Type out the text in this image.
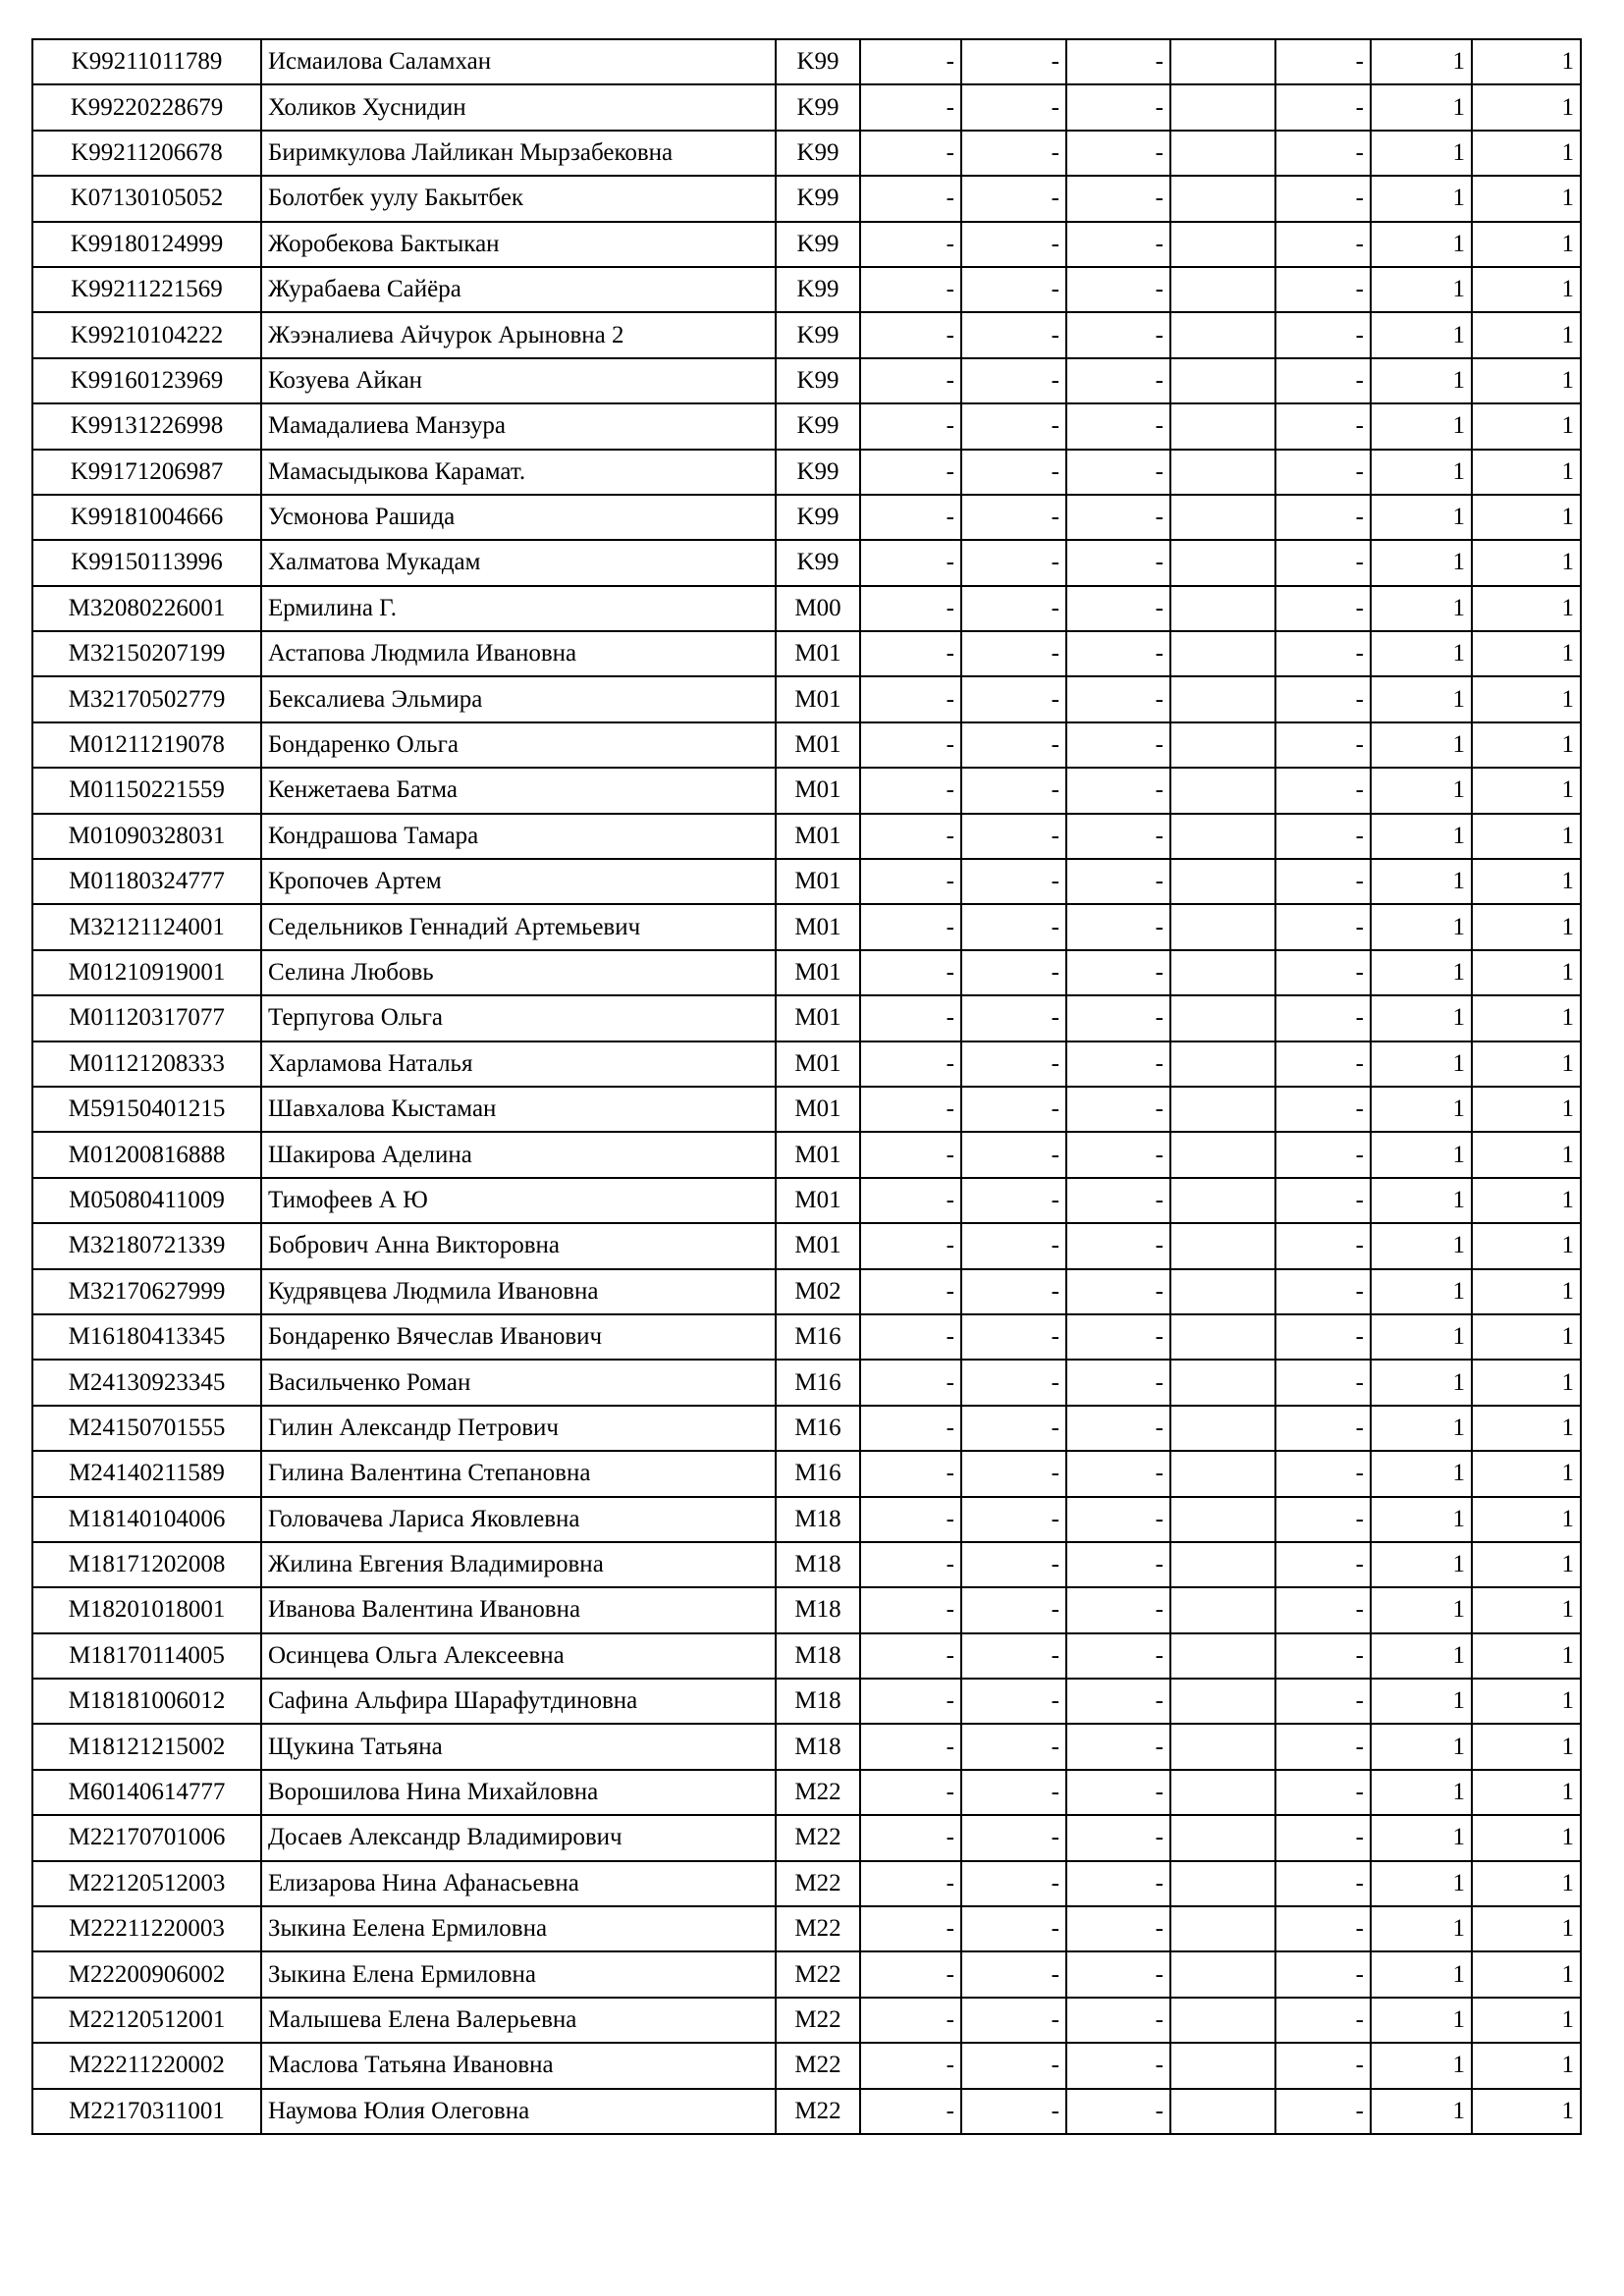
K99211011789	Исмаилова Саламхан	K99	-	-	-		-	1	1
K99220228679	Холиков Хуснидин	K99	-	-	-		-	1	1
K99211206678	Биримкулова Лайликан Мырзабековна	K99	-	-	-		-	1	1
K07130105052	Болотбек уулу Бакытбек	K99	-	-	-		-	1	1
K99180124999	Жоробекова Бактыкан	K99	-	-	-		-	1	1
K99211221569	Журабаева Сайёра	K99	-	-	-		-	1	1
K99210104222	Жээналиева Айчурок Арыновна 2	K99	-	-	-		-	1	1
K99160123969	Козуева Айкан	K99	-	-	-		-	1	1
K99131226998	Мамадалиева Манзура	K99	-	-	-		-	1	1
K99171206987	Мамасыдыкова Карамат.	K99	-	-	-		-	1	1
K99181004666	Усмонова Рашида	K99	-	-	-		-	1	1
K99150113996	Халматова Мукадам	K99	-	-	-		-	1	1
M32080226001	Ермилина Г.	M00	-	-	-		-	1	1
M32150207199	Астапова Людмила Ивановна	M01	-	-	-		-	1	1
M32170502779	Бексалиева Эльмира	M01	-	-	-		-	1	1
M01211219078	Бондаренко Ольга	M01	-	-	-		-	1	1
M01150221559	Кенжетаева Батма	M01	-	-	-		-	1	1
M01090328031	Кондрашова Тамара	M01	-	-	-		-	1	1
M01180324777	Кропочев Артем	M01	-	-	-		-	1	1
M32121124001	Седельников Геннадий Артемьевич	M01	-	-	-		-	1	1
M01210919001	Селина Любовь	M01	-	-	-		-	1	1
M01120317077	Терпугова Ольга	M01	-	-	-		-	1	1
M01121208333	Харламова Наталья	M01	-	-	-		-	1	1
M59150401215	Шавхалова Кыстаман	M01	-	-	-		-	1	1
M01200816888	Шакирова Аделина	M01	-	-	-		-	1	1
M05080411009	Тимофеев А Ю	M01	-	-	-		-	1	1
M32180721339	Бобрович Анна Викторовна	M01	-	-	-		-	1	1
M32170627999	Кудрявцева Людмила Ивановна	M02	-	-	-		-	1	1
M16180413345	Бондаренко Вячеслав Иванович	M16	-	-	-		-	1	1
M24130923345	Васильченко Роман	M16	-	-	-		-	1	1
M24150701555	Гилин Александр Петрович	M16	-	-	-		-	1	1
M24140211589	Гилина Валентина Степановна	M16	-	-	-		-	1	1
M18140104006	Головачева Лариса Яковлевна	M18	-	-	-		-	1	1
M18171202008	Жилина Евгения Владимировна	M18	-	-	-		-	1	1
M18201018001	Иванова Валентина Ивановна	M18	-	-	-		-	1	1
M18170114005	Осинцева Ольга Алексеевна	M18	-	-	-		-	1	1
M18181006012	Сафина Альфира Шарафутдиновна	M18	-	-	-		-	1	1
M18121215002	Щукина Татьяна	M18	-	-	-		-	1	1
M60140614777	Ворошилова Нина Михайловна	M22	-	-	-		-	1	1
M22170701006	Досаев Александр Владимирович	M22	-	-	-		-	1	1
M22120512003	Елизарова Нина Афанасьевна	M22	-	-	-		-	1	1
M22211220003	Зыкина Еелена Ермиловна	M22	-	-	-		-	1	1
M22200906002	Зыкина Елена Ермиловна	M22	-	-	-		-	1	1
M22120512001	Малышева Елена Валерьевна	M22	-	-	-		-	1	1
M22211220002	Маслова Татьяна Ивановна	M22	-	-	-		-	1	1
M22170311001	Наумова Юлия Олеговна	M22	-	-	-		-	1	1
